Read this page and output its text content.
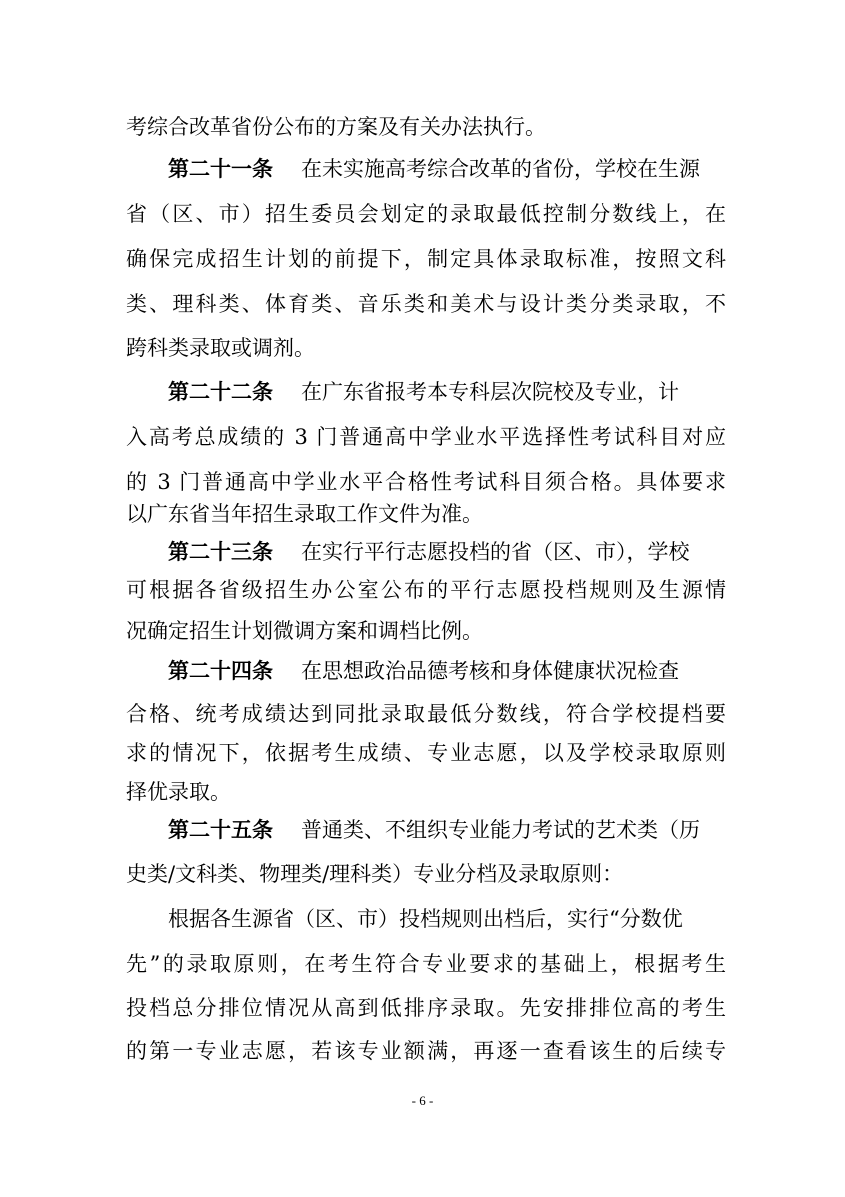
考综合改革省份公布的方案及有关办法执行。
第二十一条 在未实施高考综合改革的省份，学校在生源
省（区、市）招生委员会划定的录取最低控制分数线上，在
确保完成招生计划的前提下，制定具体录取标准，按照文科
类、理科类、体育类、音乐类和美术与设计类分类录取，不
跨科类录取或调剂。
第二十二条 在广东省报考本专科层次院校及专业，计
入高考总成绩的 3 门普通高中学业水平选择性考试科目对应
的 3 门普通高中学业水平合格性考试科目须合格。具体要求
以广东省当年招生录取工作文件为准。
第二十三条 在实行平行志愿投档的省（区、市），学校
可根据各省级招生办公室公布的平行志愿投档规则及生源情
况确定招生计划微调方案和调档比例。
第二十四条 在思想政治品德考核和身体健康状况检查
合格、统考成绩达到同批录取最低分数线，符合学校提档要
求的情况下，依据考生成绩、专业志愿，以及学校录取原则
择优录取。
第二十五条 普通类、不组织专业能力考试的艺术类（历
史类/文科类、物理类/理科类）专业分档及录取原则：
根据各生源省（区、市）投档规则出档后，实行“分数优
先”的录取原则，在考生符合专业要求的基础上，根据考生
投档总分排位情况从高到低排序录取。先安排排位高的考生
的第一专业志愿，若该专业额满，再逐一查看该生的后续专
- 6 -
